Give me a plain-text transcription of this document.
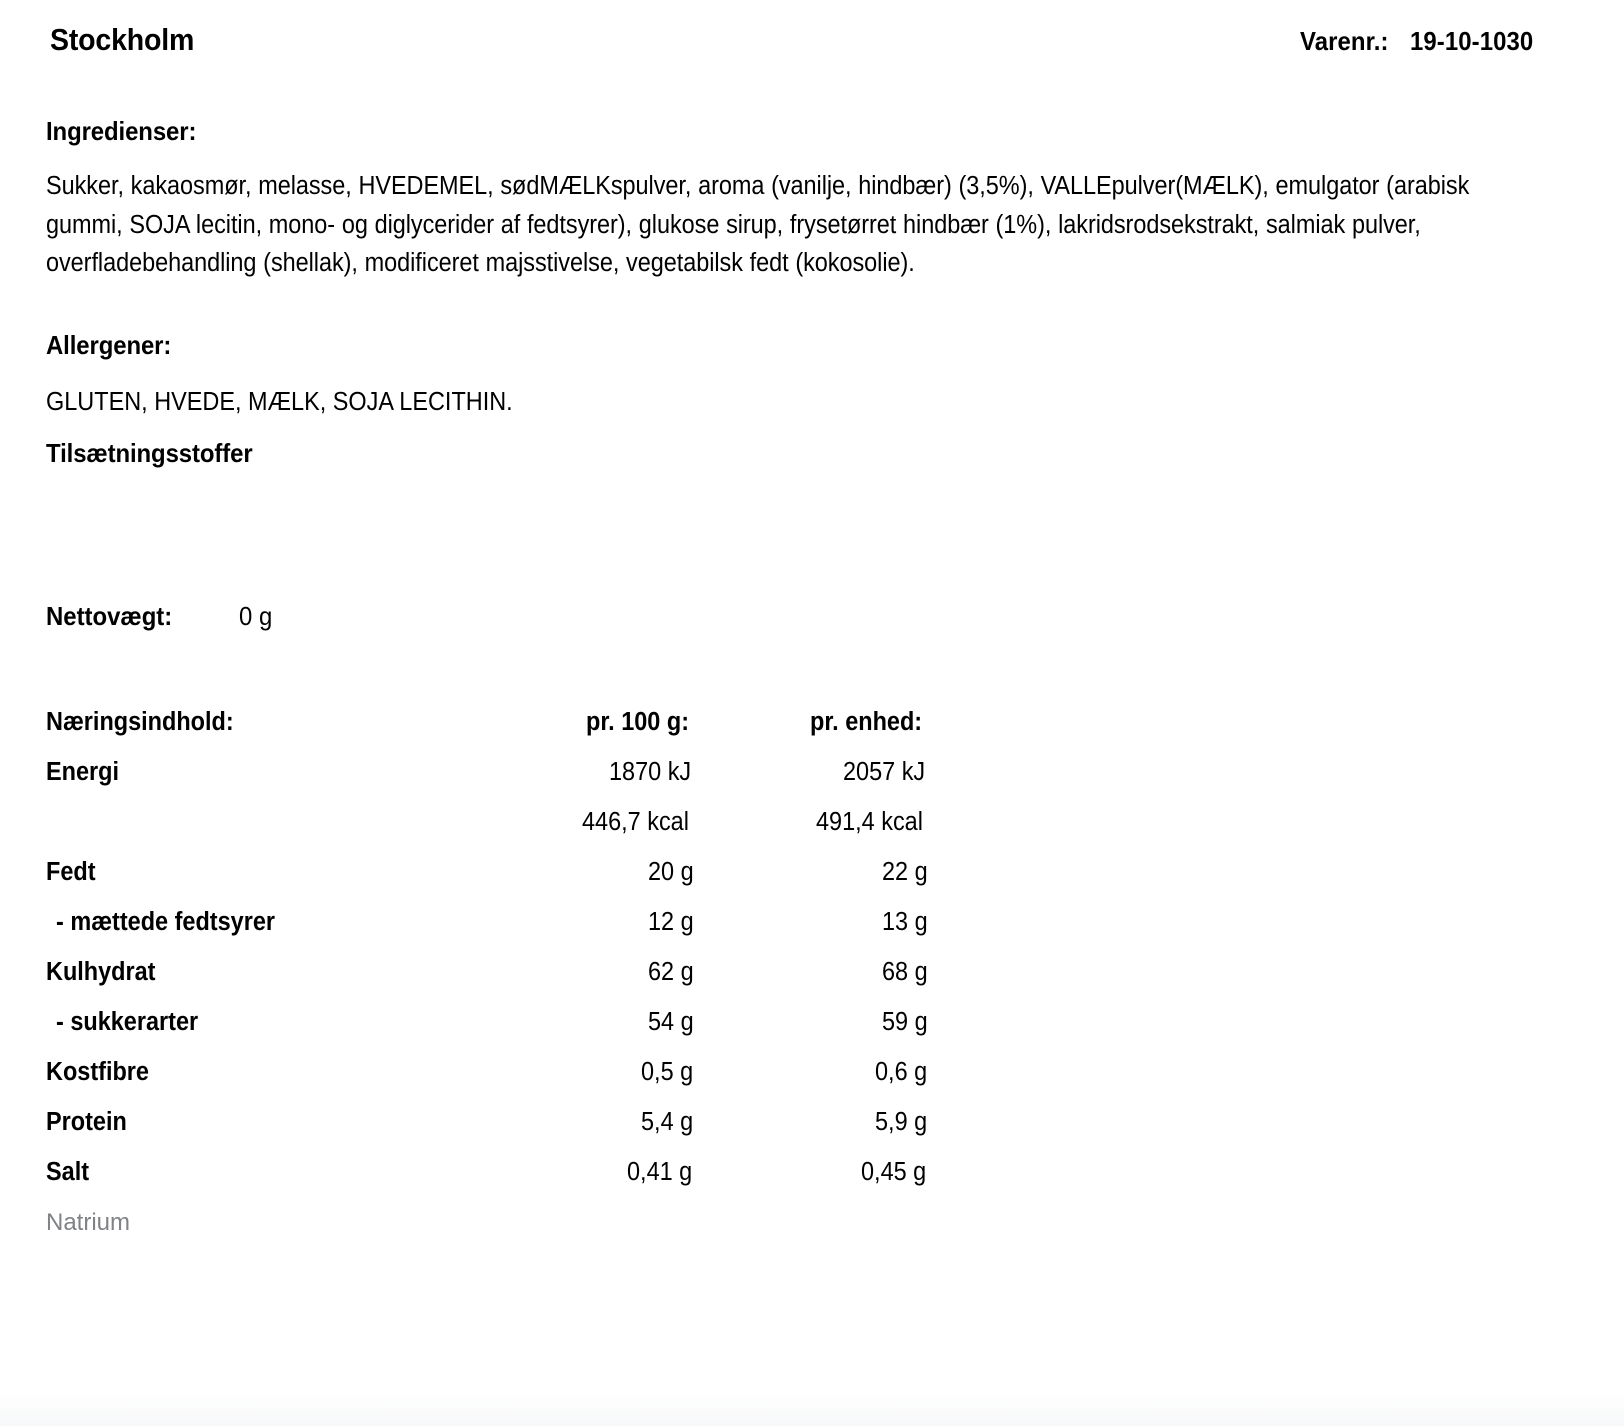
Stockholm	Varenr.: 19-10-1030
Ingredienser:
Sukker, kakaosmør, melasse, HVEDEMEL, sødMÆLKspulver, aroma (vanilje, hindbær) (3,5%), VALLEpulver(MÆLK), emulgator (arabisk gummi, SOJA lecitin, mono- og diglycerider af fedtsyrer), glukose sirup, frysetørret hindbær (1%), lakridsrodsekstrakt, salmiak pulver, overfladebehandling (shellak), modificeret majsstivelse, vegetabilsk fedt (kokosolie).
Allergener:
GLUTEN, HVEDE, MÆLK, SOJA LECITHIN.
Tilsætningsstoffer
Nettovægt:	0 g
Næringsindhold:	pr. 100 g:	pr. enhed:
Energi	1870 kJ	2057 kJ
	446,7 kcal	491,4 kcal
Fedt	20 g	22 g
- mættede fedtsyrer	12 g	13 g
Kulhydrat	62 g	68 g
- sukkerarter	54 g	59 g
Kostfibre	0,5 g	0,6 g
Protein	5,4 g	5,9 g
Salt	0,41 g	0,45 g
Natrium		
